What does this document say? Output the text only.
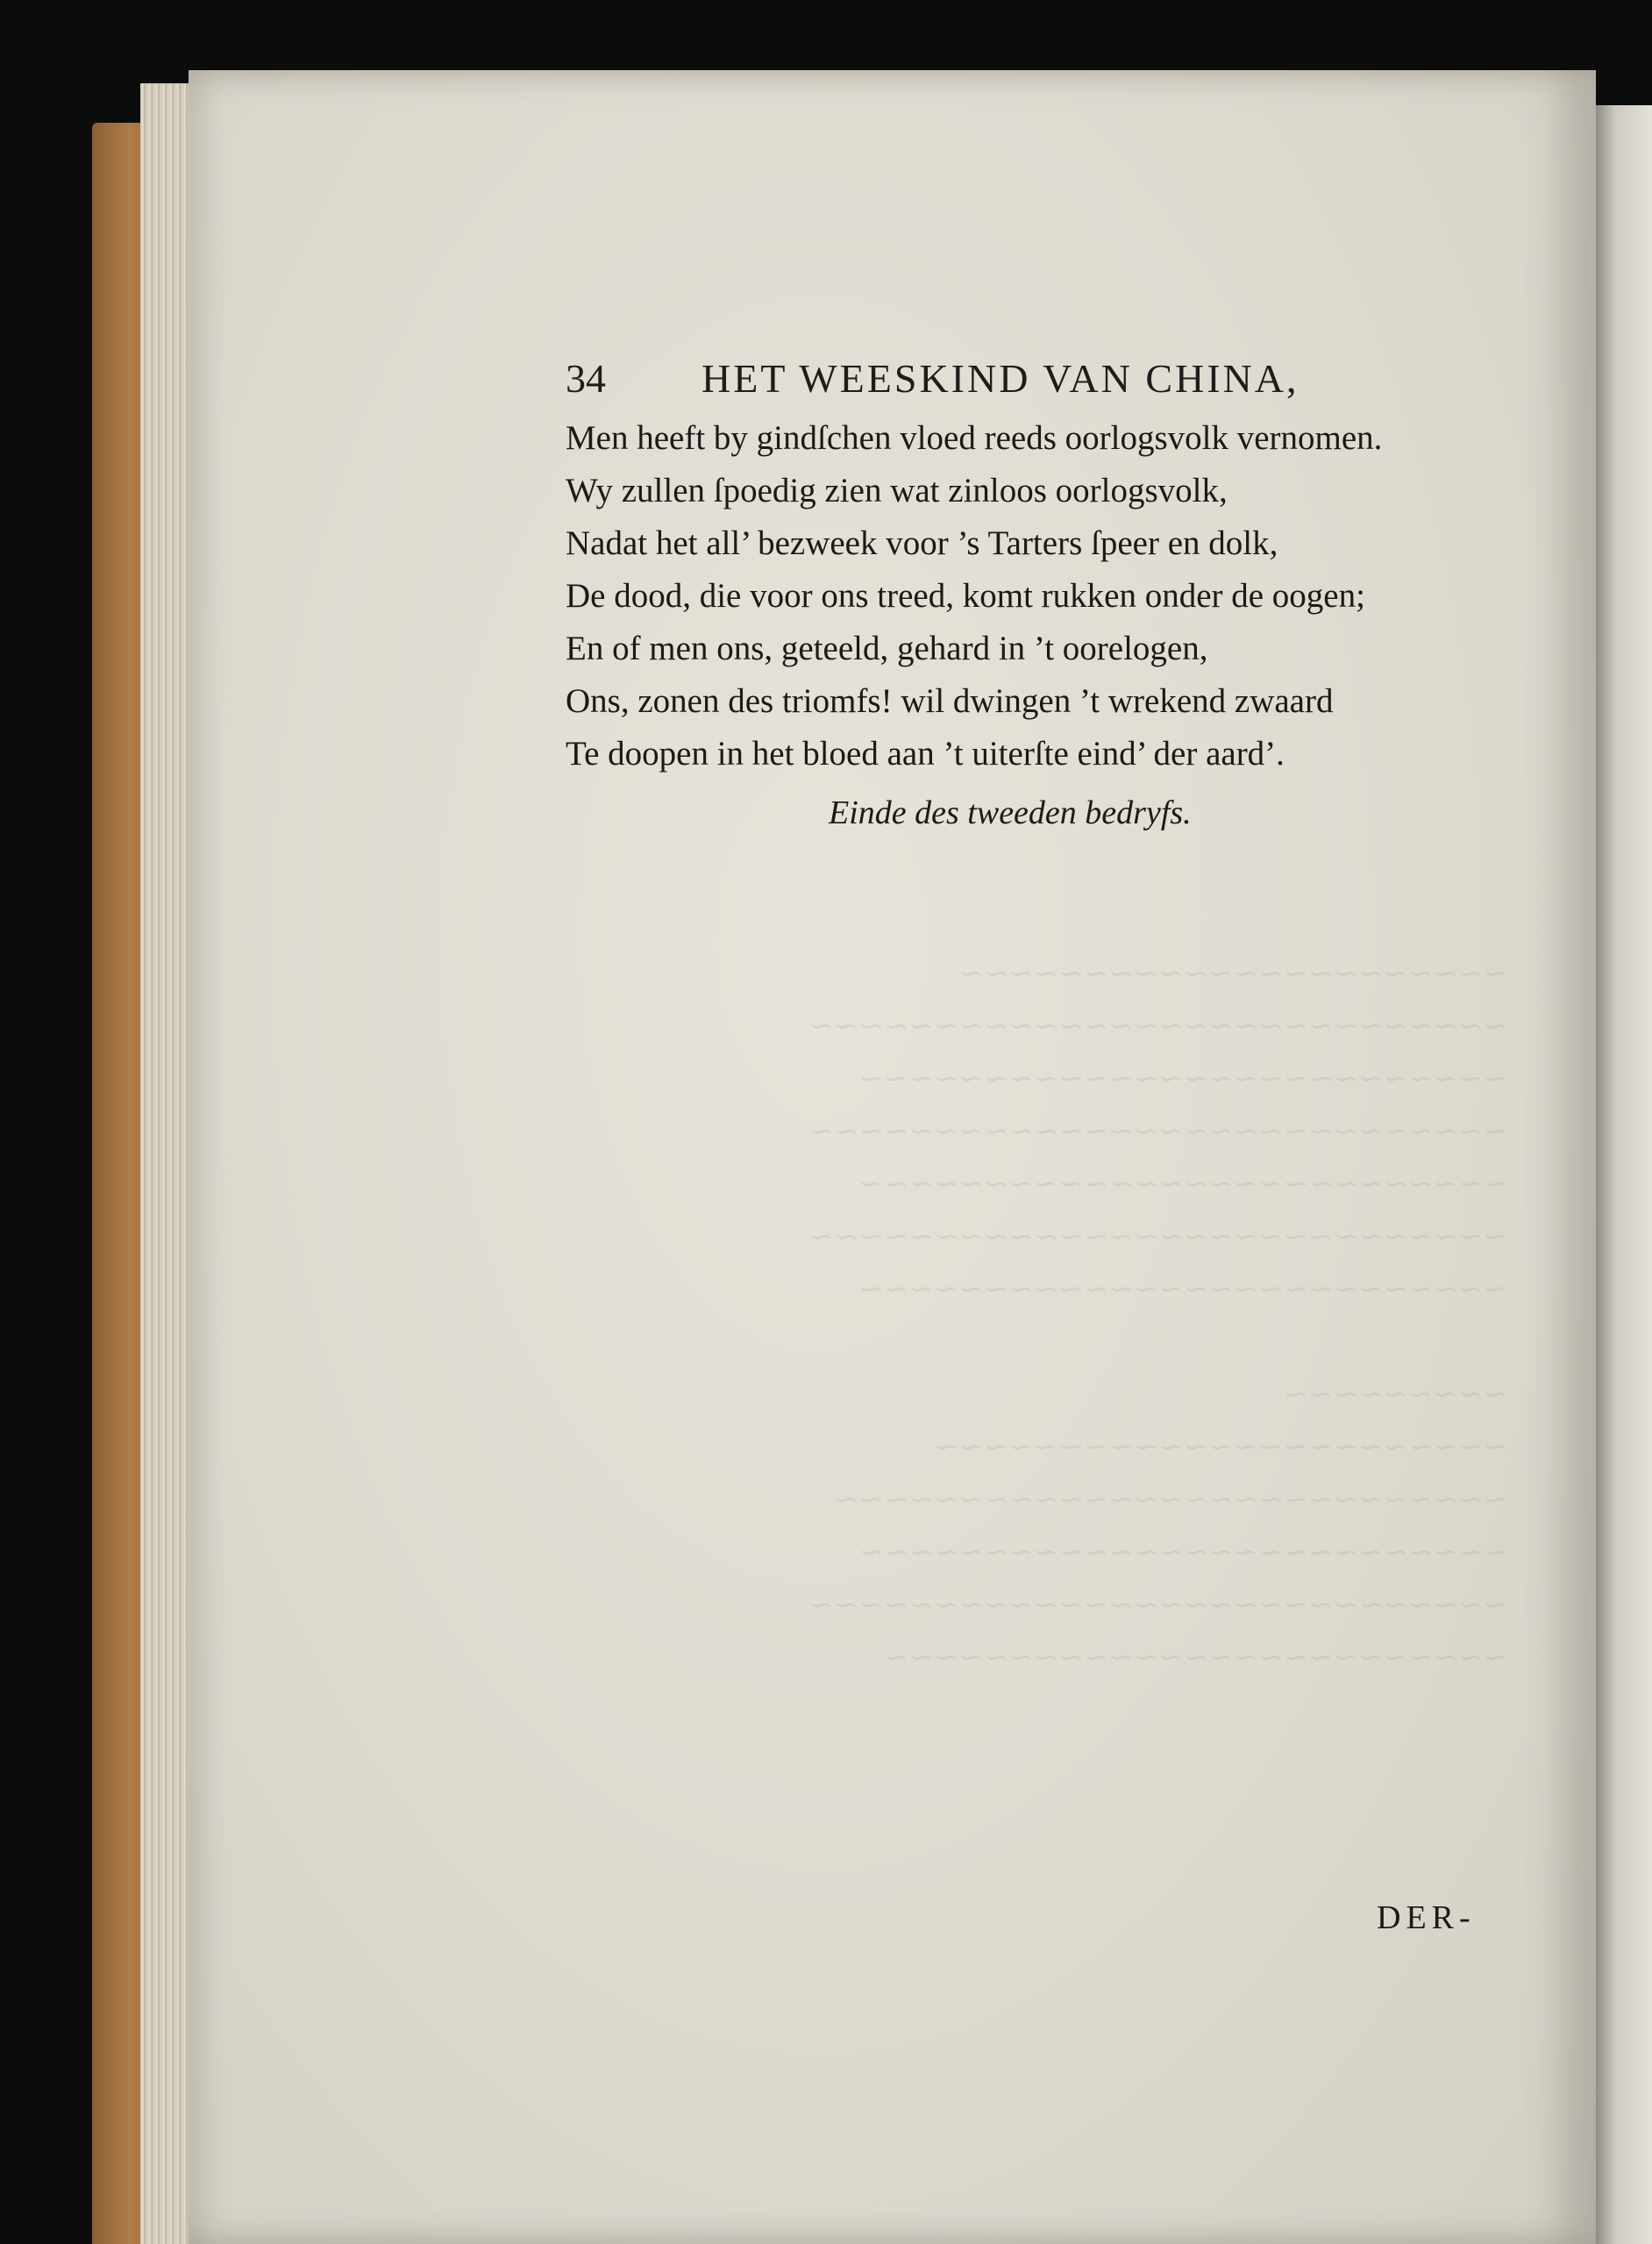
34 HET WEESKIND VAN CHINA,
Men heeft by gindſchen vloed reeds oorlogsvolk vernomen.
Wy zullen ſpoedig zien wat zinloos oorlogsvolk,
Nadat het all’ bezweek voor ’s Tarters ſpeer en dolk,
De dood, die voor ons treed, komt rukken onder de oogen;
En of men ons, geteeld, gehard in ’t oorelogen,
Ons, zonen des triomfs! wil dwingen ’t wrekend zwaard
Te doopen in het bloed aan ’t uiterſte eind’ der aard’.
Einde des tweeden bedryfs.
DER-
